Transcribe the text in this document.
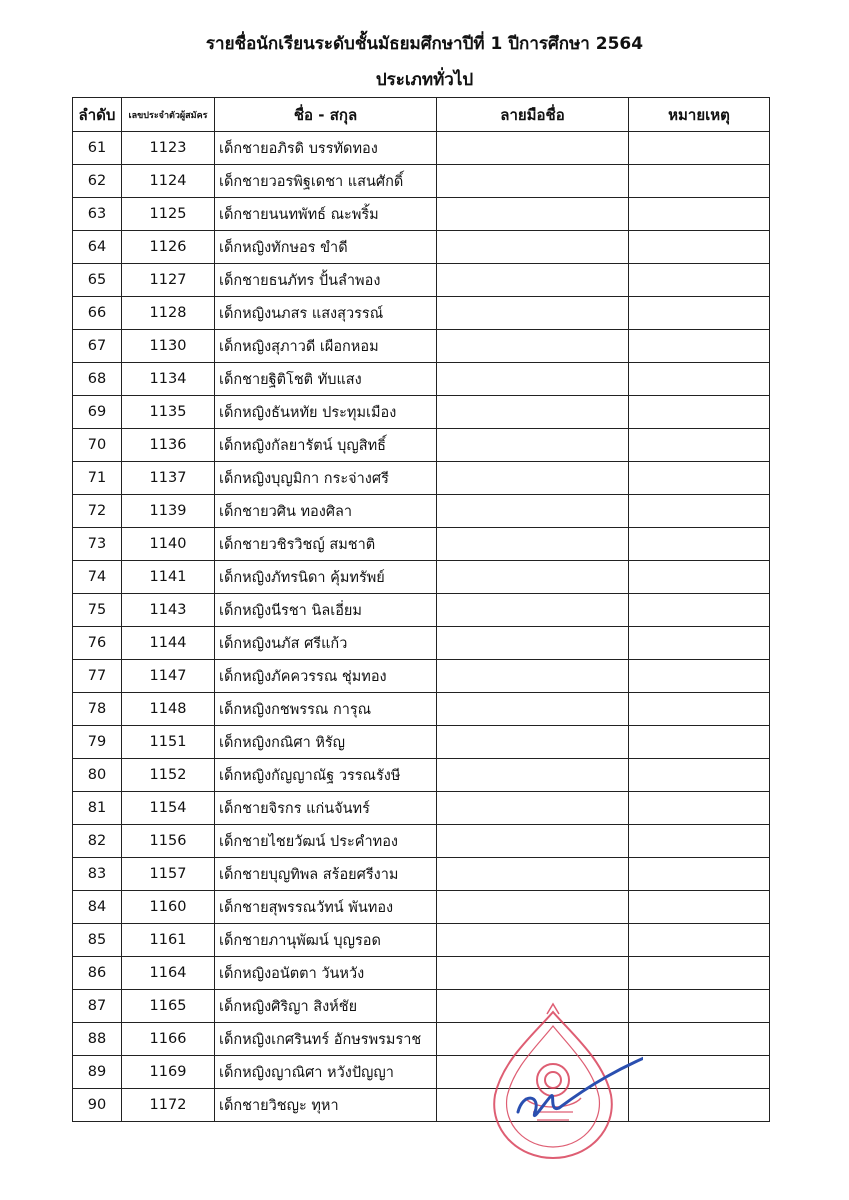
รายชื่อนักเรียนระดับชั้นมัธยมศึกษาปีที่ 1 ปีการศึกษา 2564
ประเภททั่วไป
ลำดับ	เลขประจำตัวผู้สมัคร	ชื่อ - สกุล	ลายมือชื่อ	หมายเหตุ
61	1123	เด็กชายอภิรดิ บรรทัดทอง		
62	1124	เด็กชายวอรพิฐเดชา แสนศักดิ์		
63	1125	เด็กชายนนทพัทธ์ ณะพริ้ม		
64	1126	เด็กหญิงทักษอร ขำดี		
65	1127	เด็กชายธนภัทร ปั้นลำพอง		
66	1128	เด็กหญิงนภสร แสงสุวรรณ์		
67	1130	เด็กหญิงสุภาวดี เผือกหอม		
68	1134	เด็กชายฐิติโชติ ทับแสง		
69	1135	เด็กหญิงธันหทัย ประทุมเมือง		
70	1136	เด็กหญิงกัลยารัตน์ บุญสิทธิ์		
71	1137	เด็กหญิงบุญมิกา กระจ่างศรี		
72	1139	เด็กชายวศิน ทองศิลา		
73	1140	เด็กชายวชิรวิชญ์ สมชาติ		
74	1141	เด็กหญิงภัทรนิดา คุ้มทรัพย์		
75	1143	เด็กหญิงนีรชา นิลเอี่ยม		
76	1144	เด็กหญิงนภัส ศรีแก้ว		
77	1147	เด็กหญิงภัคควรรณ ชุ่มทอง		
78	1148	เด็กหญิงกชพรรณ การุณ		
79	1151	เด็กหญิงกณิศา หิรัญ		
80	1152	เด็กหญิงกัญญาณัฐ วรรณรังษี		
81	1154	เด็กชายจิรกร แก่นจันทร์		
82	1156	เด็กชายไชยวัฒน์ ประคำทอง		
83	1157	เด็กชายบุญทิพล สร้อยศรีงาม		
84	1160	เด็กชายสุพรรณวัทน์ พันทอง		
85	1161	เด็กชายภานุพัฒน์ บุญรอด		
86	1164	เด็กหญิงอนัตตา วันหวัง		
87	1165	เด็กหญิงศิริญา สิงห์ชัย		
88	1166	เด็กหญิงเกศรินทร์ อักษรพรมราช		
89	1169	เด็กหญิงญาณิศา หวังปัญญา		
90	1172	เด็กชายวิชญะ ทุหา		
